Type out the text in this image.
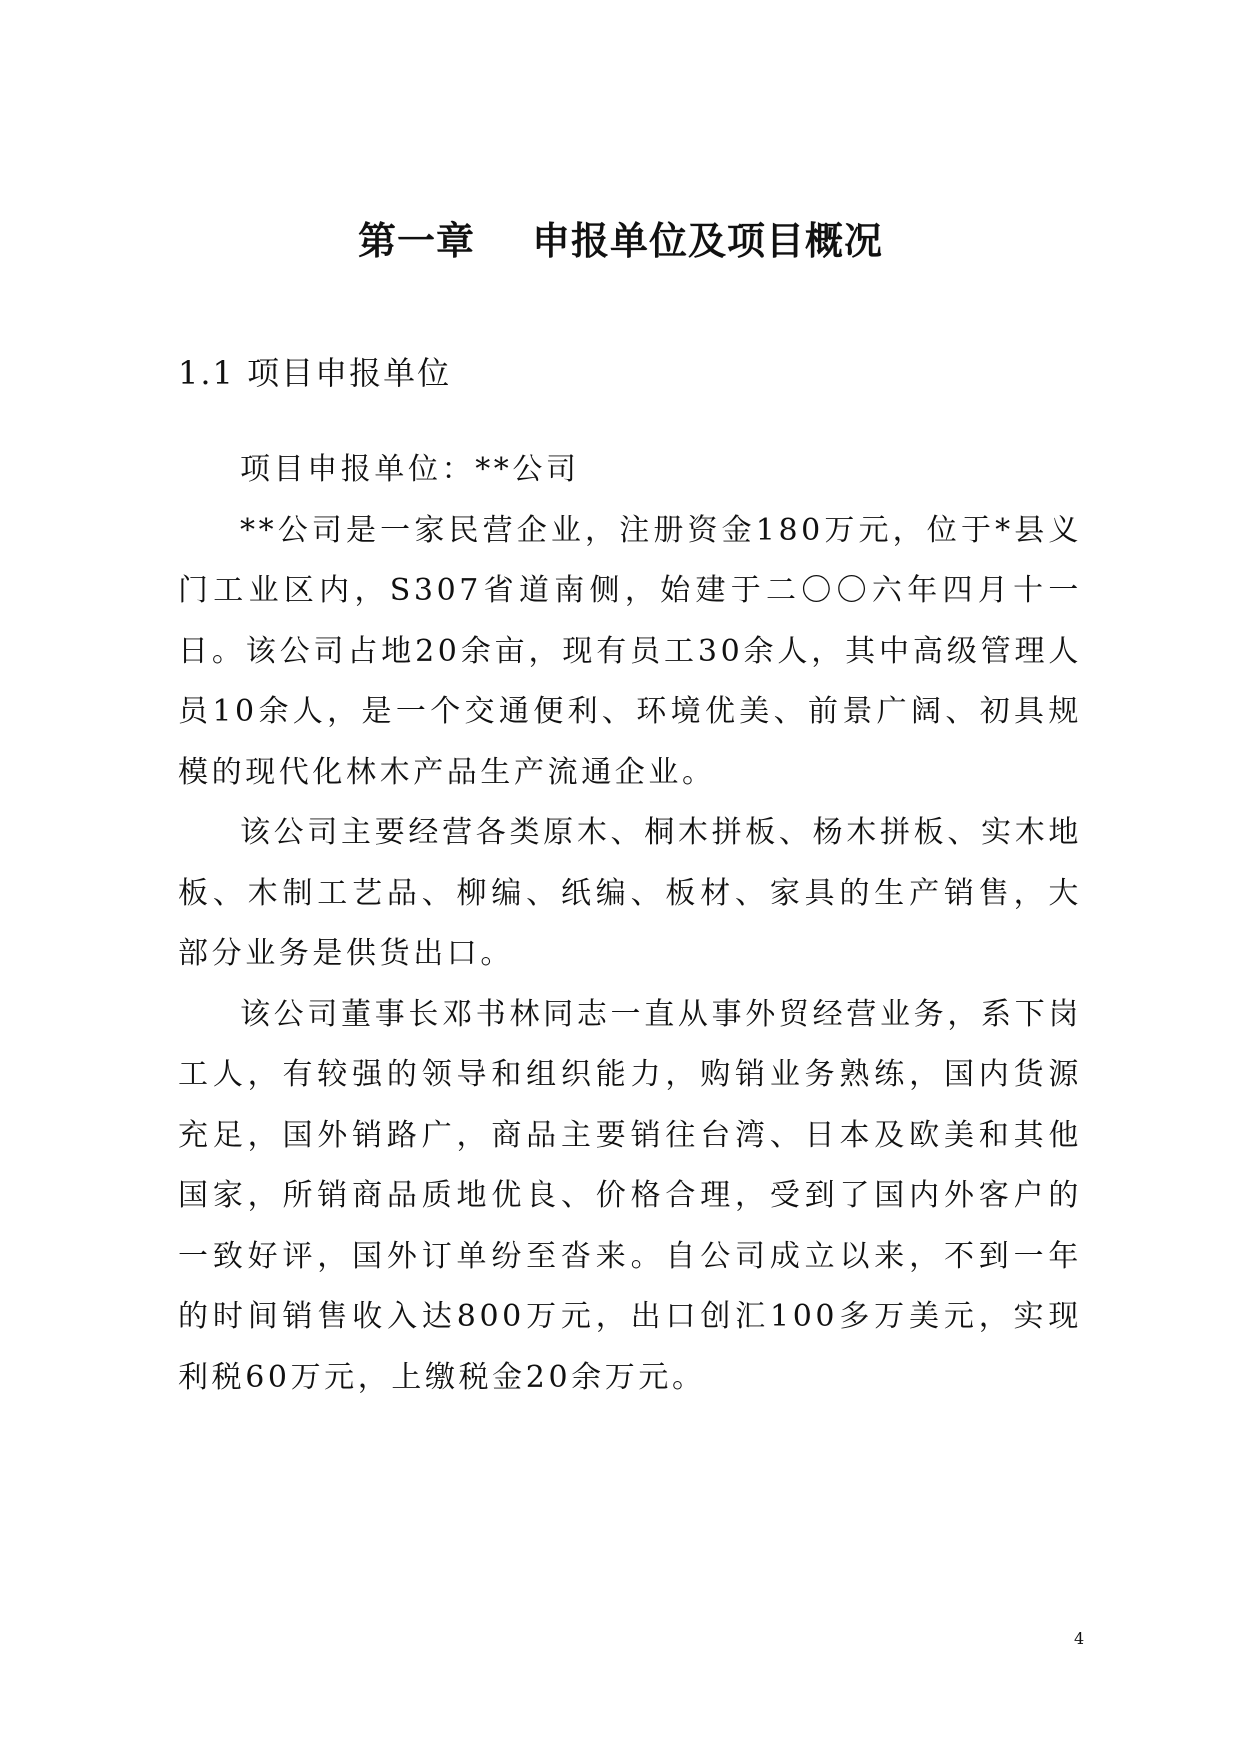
第一章    申报单位及项目概况
1.1 项目申报单位

项目申报单位：**公司

**公司是一家民营企业，注册资金180万元，位于*县义门工业区内，S307省道南侧，始建于二〇〇六年四月十一日。该公司占地20余亩，现有员工30余人，其中高级管理人员10余人，是一个交通便利、环境优美、前景广阔、初具规模的现代化林木产品生产流通企业。

该公司主要经营各类原木、桐木拼板、杨木拼板、实木地板、木制工艺品、柳编、纸编、板材、家具的生产销售，大部分业务是供货出口。

该公司董事长邓书林同志一直从事外贸经营业务，系下岗工人，有较强的领导和组织能力，购销业务熟练，国内货源充足，国外销路广，商品主要销往台湾、日本及欧美和其他国家，所销商品质地优良、价格合理，受到了国内外客户的一致好评，国外订单纷至沓来。自公司成立以来，不到一年的时间销售收入达800万元，出口创汇100多万美元，实现利税60万元，上缴税金20余万元。

4
